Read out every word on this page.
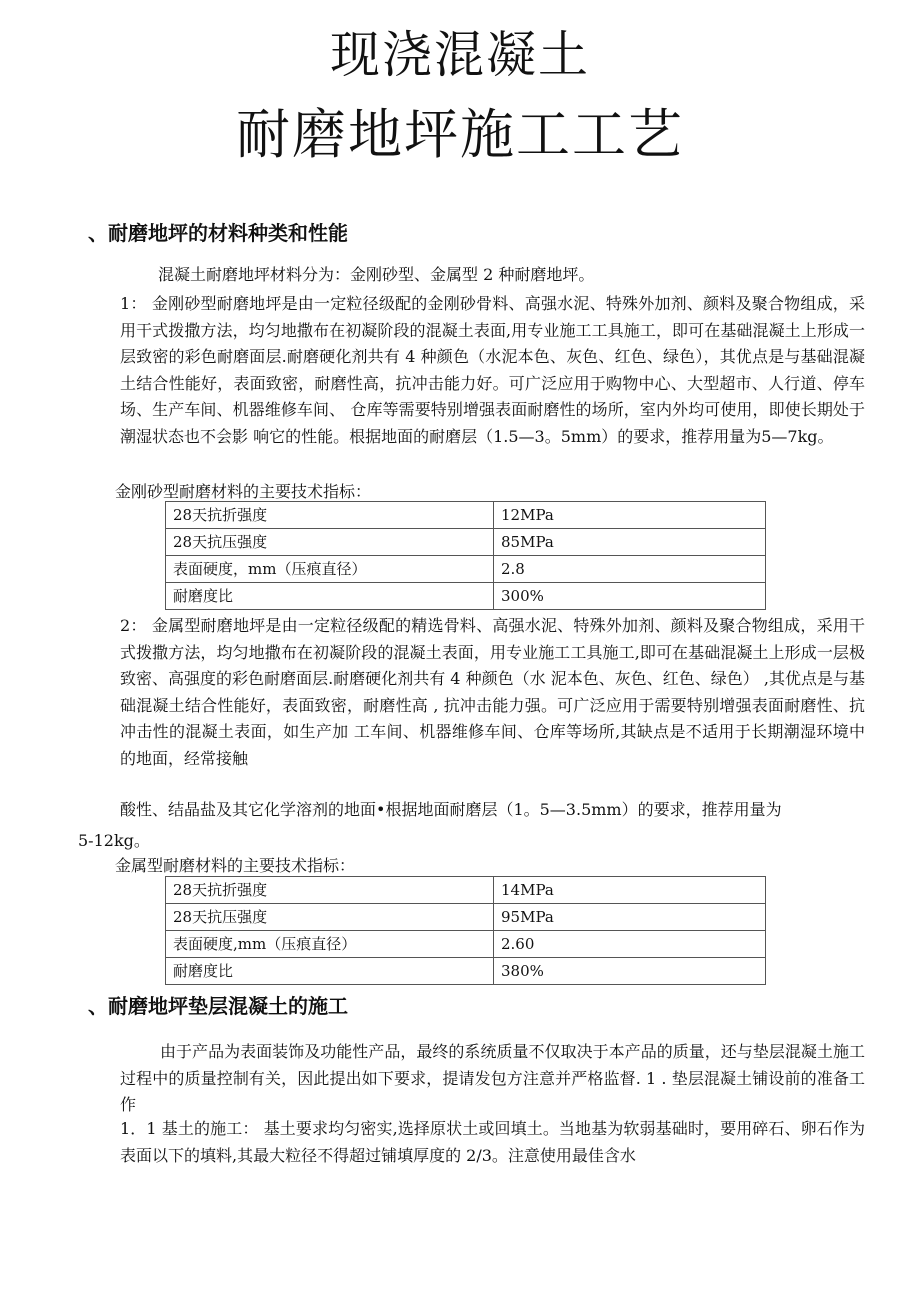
现浇混凝土
耐磨地坪施工工艺
、耐磨地坪的材料种类和性能
混凝土耐磨地坪材料分为：金刚砂型、金属型 2 种耐磨地坪。
1： 金刚砂型耐磨地坪是由一定粒径级配的金刚砂骨料、高强水泥、特殊外加剂、颜料及聚合物组成，采用干式拨撒方法，均匀地撒布在初凝阶段的混凝土表面,用专业施工工具施工，即可在基础混凝土上形成一层致密的彩色耐磨面层.耐磨硬化剂共有 4 种颜色（水泥本色、灰色、红色、绿色），其优点是与基础混凝土结合性能好，表面致密，耐磨性高，抗冲击能力好。可广泛应用于购物中心、大型超市、人行道、停车场、生产车间、机器维修车间、 仓库等需要特别增强表面耐磨性的场所，室内外均可使用，即使长期处于潮湿状态也不会影 响它的性能。根据地面的耐磨层（1.5—3。5mm）的要求，推荐用量为5—7kg。
金刚砂型耐磨材料的主要技术指标：
28天抗折强度	12MPa
28天抗压强度	85MPa
表面硬度，mm（压痕直径）	2.8
耐磨度比	300%
2： 金属型耐磨地坪是由一定粒径级配的精选骨料、高强水泥、特殊外加剂、颜料及聚合物组成，采用干式拨撒方法，均匀地撒布在初凝阶段的混凝土表面，用专业施工工具施工,即可在基础混凝土上形成一层极致密、高强度的彩色耐磨面层.耐磨硬化剂共有 4 种颜色（水 泥本色、灰色、红色、绿色） ,其优点是与基础混凝土结合性能好，表面致密，耐磨性高 , 抗冲击能力强。可广泛应用于需要特别增强表面耐磨性、抗冲击性的混凝土表面，如生产加 工车间、机器维修车间、仓库等场所,其缺点是不适用于长期潮湿环境中的地面，经常接触
酸性、结晶盐及其它化学溶剂的地面•根据地面耐磨层（1。5—3.5mm）的要求，推荐用量为
5-12kg。
金属型耐磨材料的主要技术指标：
28天抗折强度	14MPa
28天抗压强度	95MPa
表面硬度,mm（压痕直径）	2.60
耐磨度比	380%
、耐磨地坪垫层混凝土的施工
由于产品为表面装饰及功能性产品，最终的系统质量不仅取决于本产品的质量，还与垫层混凝土施工过程中的质量控制有关，因此提出如下要求，提请发包方注意并严格监督. 1 . 垫层混凝土铺设前的准备工作
1．1 基土的施工： 基土要求均匀密实,选择原状土或回填土。当地基为软弱基础时，要用碎石、卵石作为 表面以下的填料,其最大粒径不得超过铺填厚度的 2/3。注意使用最佳含水
